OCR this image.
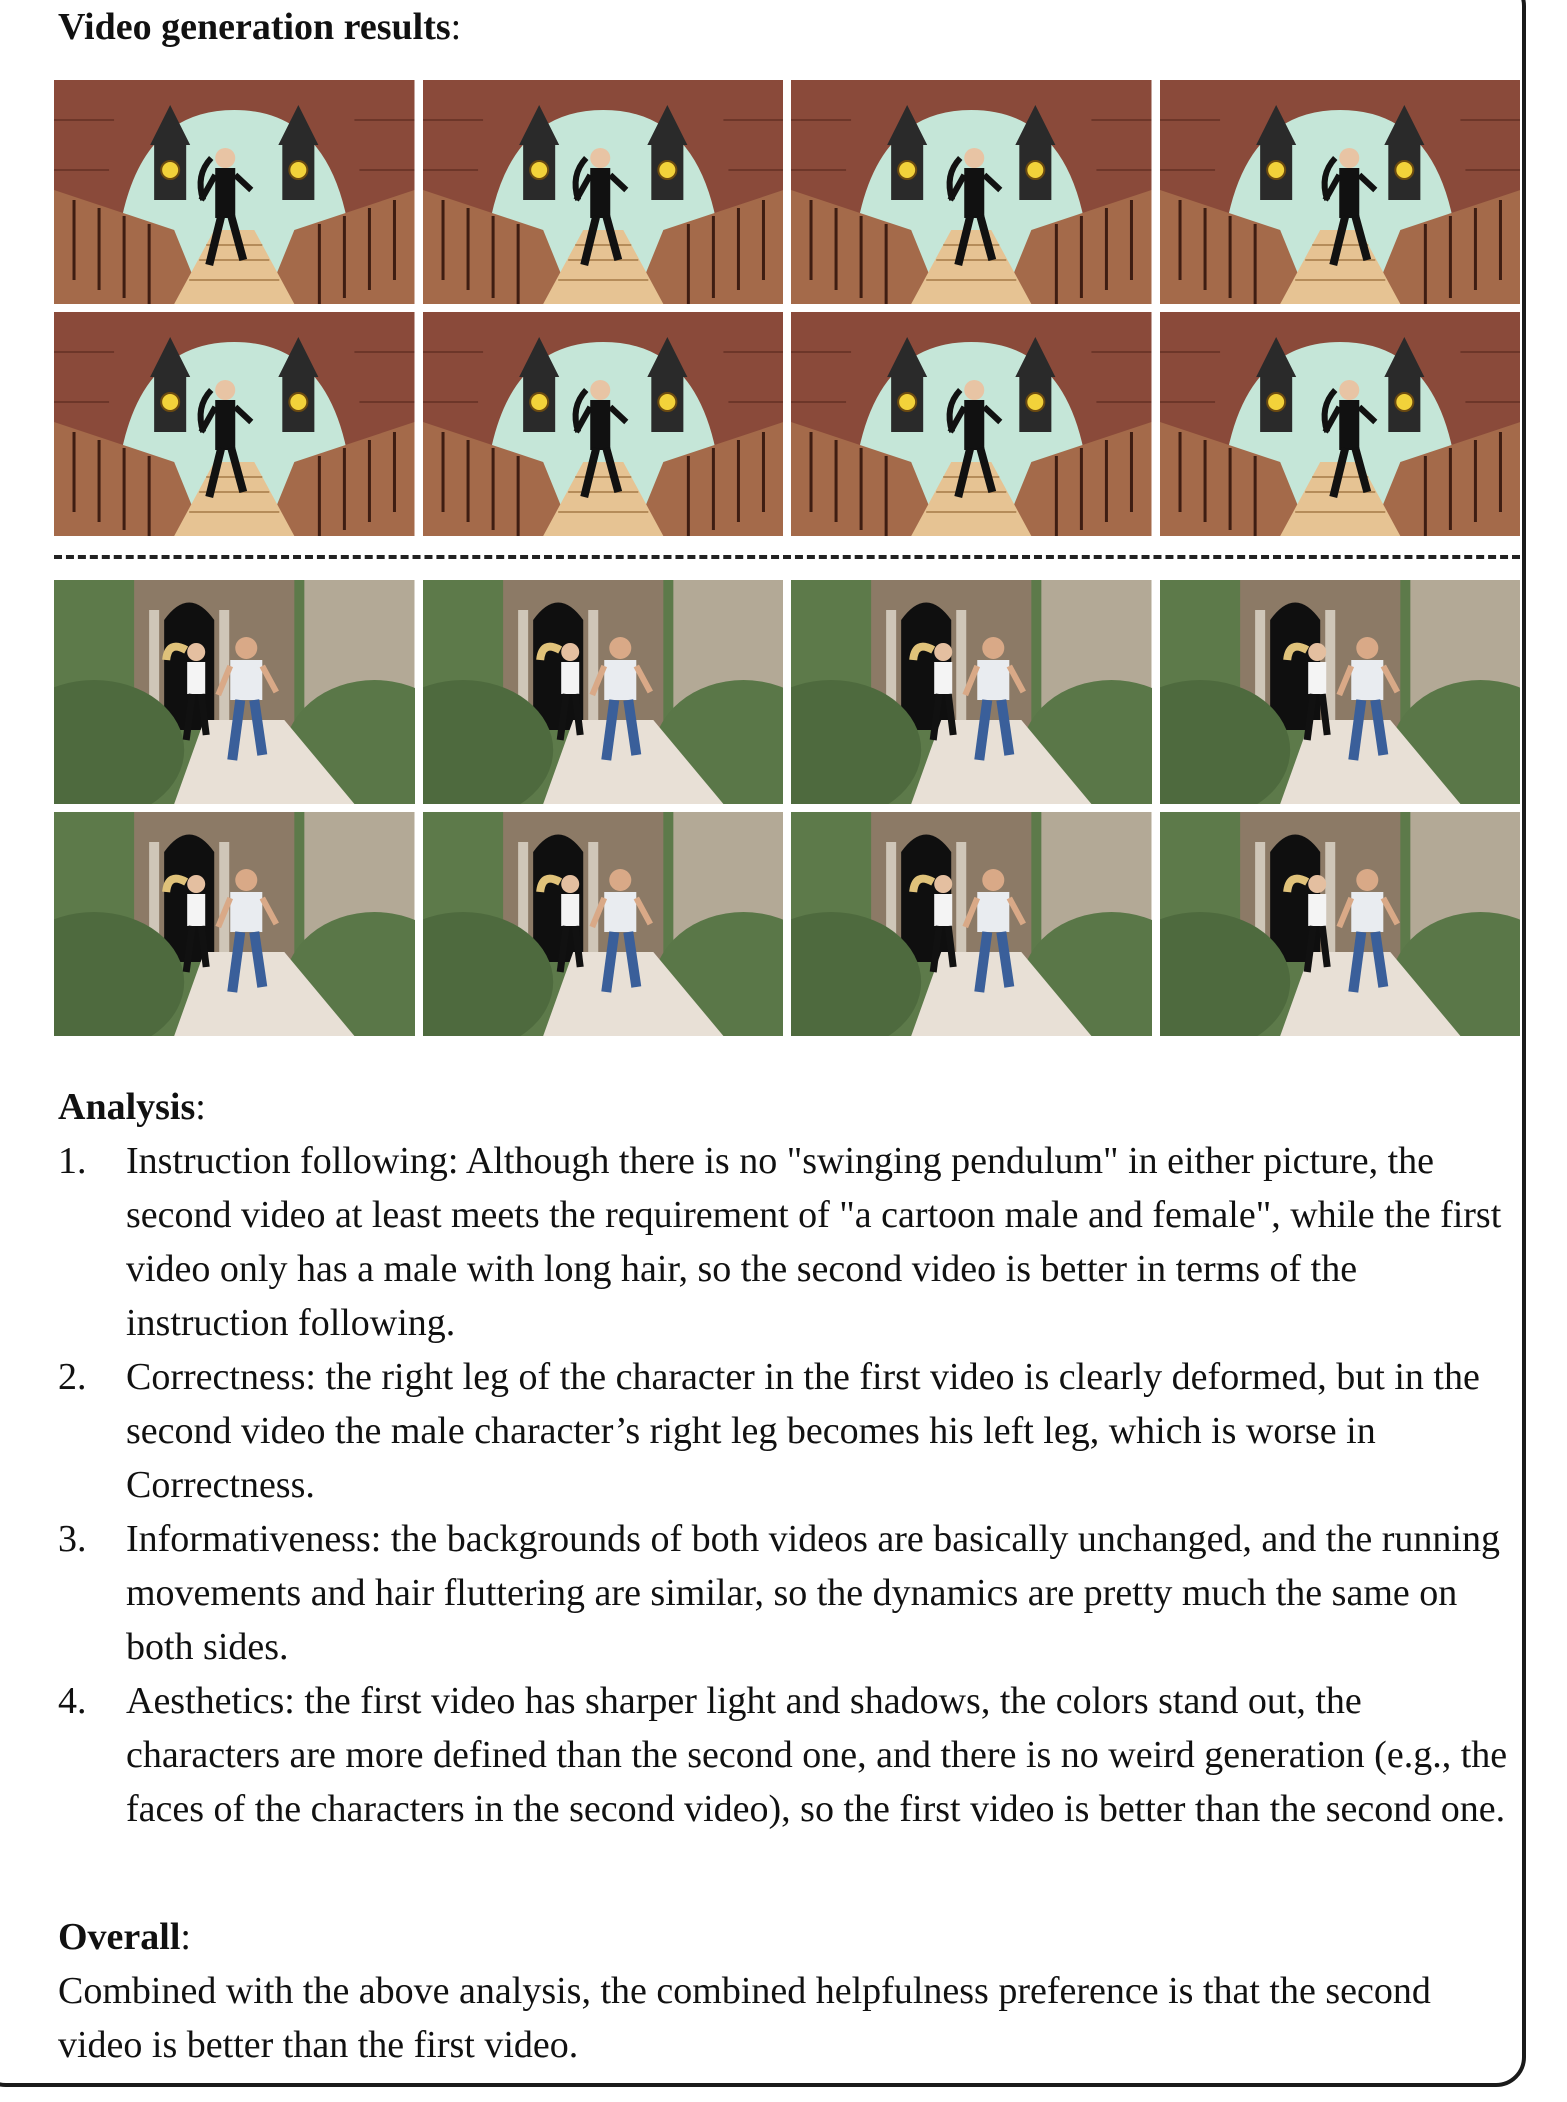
Video generation results:
Analysis:
1. Instruction following: Although there is no "swinging pendulum" in either picture, the second video at least meets the requirement of "a cartoon male and female", while the first video only has a male with long hair, so the second video is better in terms of the instruction following.
2. Correctness: the right leg of the character in the first video is clearly deformed, but in the second video the male character’s right leg becomes his left leg, which is worse in Correctness.
3. Informativeness: the backgrounds of both videos are basically unchanged, and the running movements and hair fluttering are similar, so the dynamics are pretty much the same on both sides.
4. Aesthetics: the first video has sharper light and shadows, the colors stand out, the characters are more defined than the second one, and there is no weird generation (e.g., the faces of the characters in the second video), so the first video is better than the second one.
Overall:
Combined with the above analysis, the combined helpfulness preference is that the second video is better than the first video.
